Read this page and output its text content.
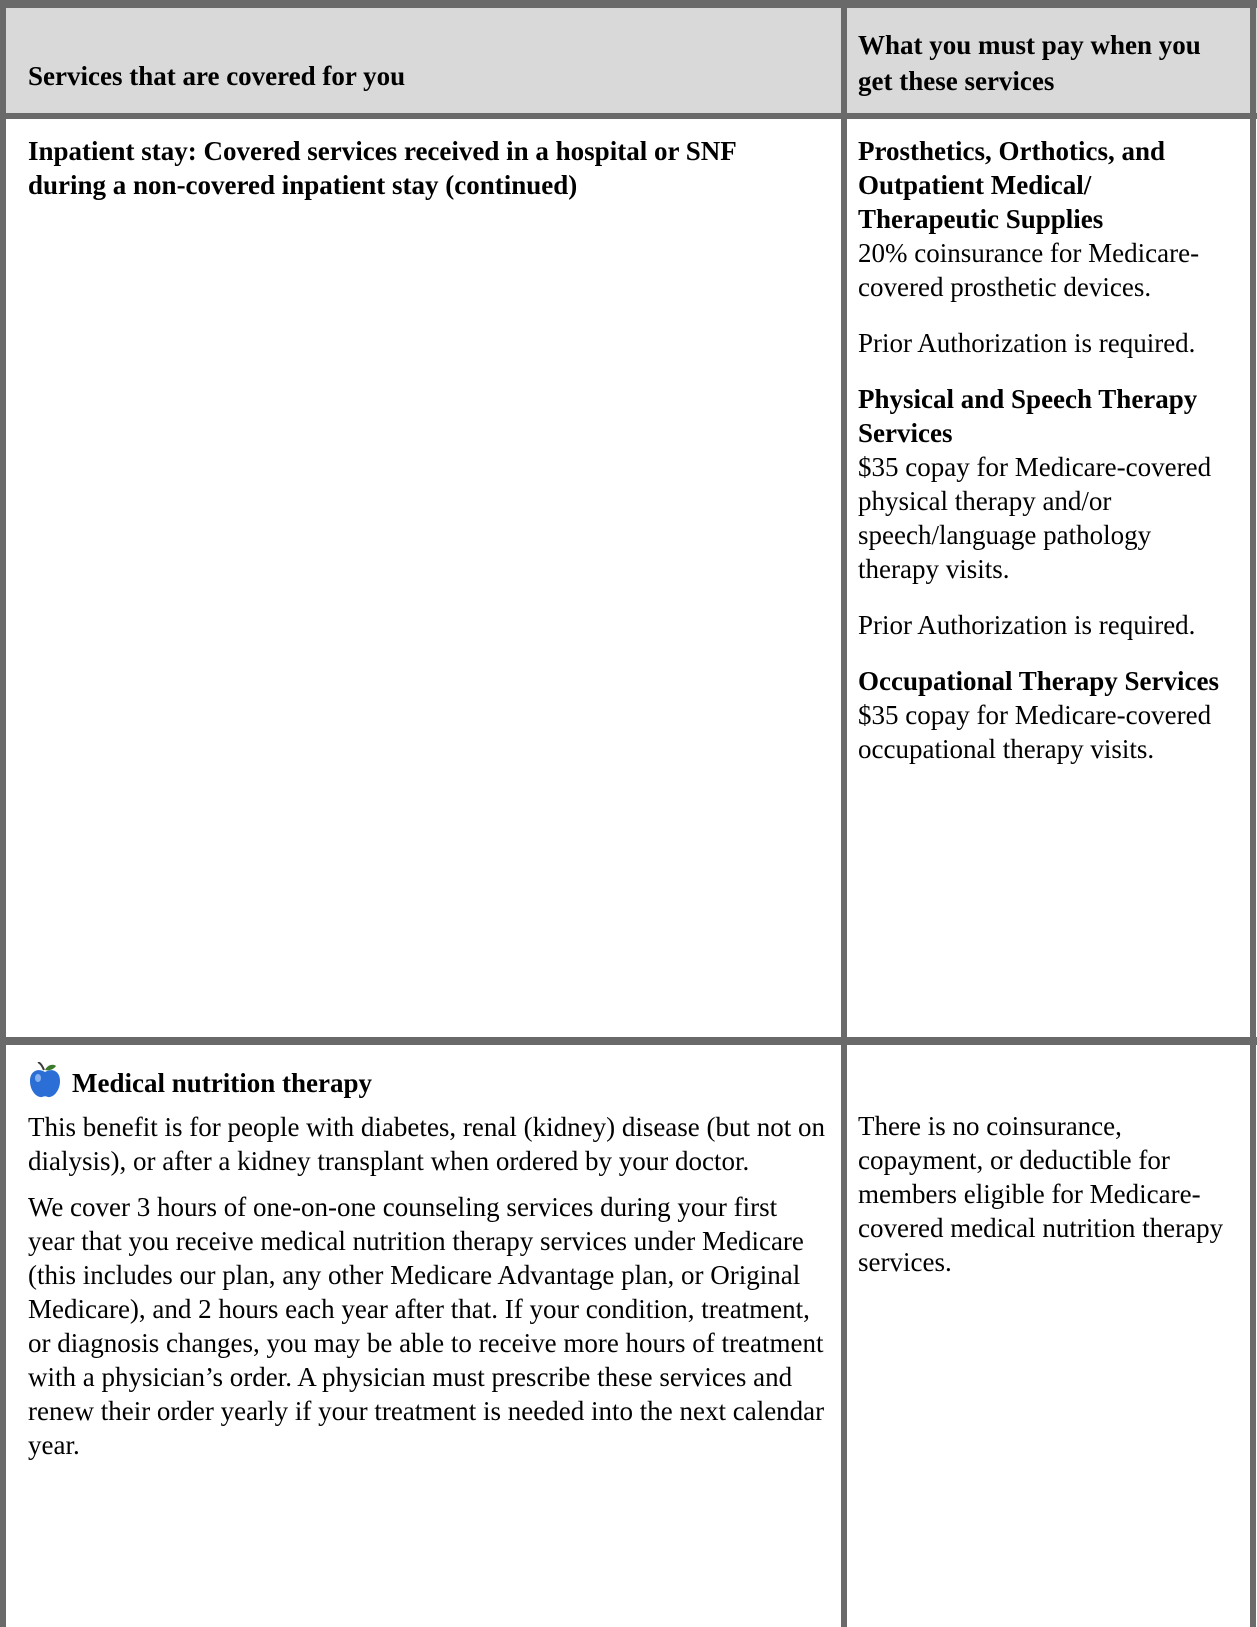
Services that are covered for you
What you must pay when you get these services
Inpatient stay: Covered services received in a hospital or SNF during a non-covered inpatient stay (continued)

Prosthetics, Orthotics, and Outpatient Medical/ Therapeutic Supplies

20% coinsurance for Medicare-covered prosthetic devices.

Prior Authorization is required.

Physical and Speech Therapy Services

$35 copay for Medicare-covered physical therapy and/or speech/language pathology therapy visits.

Prior Authorization is required.

Occupational Therapy Services

$35 copay for Medicare-covered occupational therapy visits.

Medical nutrition therapy

This benefit is for people with diabetes, renal (kidney) disease (but not on dialysis), or after a kidney transplant when ordered by your doctor.

We cover 3 hours of one-on-one counseling services during your first year that you receive medical nutrition therapy services under Medicare (this includes our plan, any other Medicare Advantage plan, or Original Medicare), and 2 hours each year after that. If your condition, treatment, or diagnosis changes, you may be able to receive more hours of treatment with a physician’s order. A physician must prescribe these services and renew their order yearly if your treatment is needed into the next calendar year.

There is no coinsurance, copayment, or deductible for members eligible for Medicare-covered medical nutrition therapy services.
